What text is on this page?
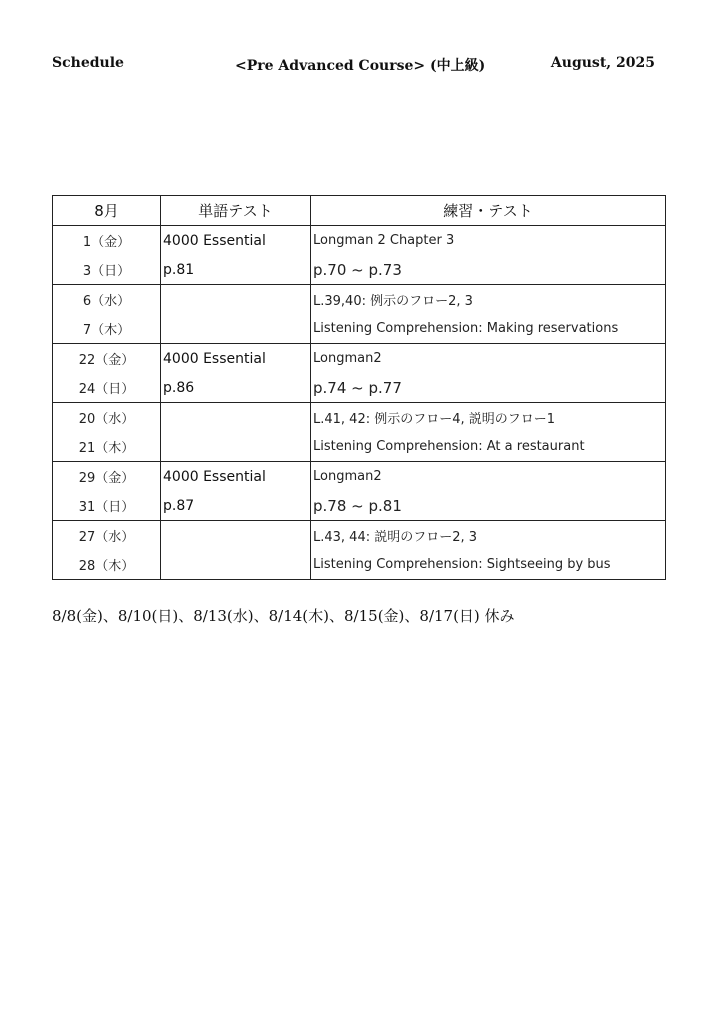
Schedule	<Pre Advanced Course> (中上級)	August, 2025
8月	単語テスト	練習・テスト
1（金）	4000 Essential	Longman 2 Chapter 3
3（日）	p.81	p.70 ~ p.73
6（水）		L.39,40: 例示のフロー2, 3
7（木）		Listening Comprehension: Making reservations
22（金）	4000 Essential	Longman2
24（日）	p.86	p.74 ~ p.77
20（水）		L.41, 42: 例示のフロー4, 説明のフロー1
21（木）		Listening Comprehension: At a restaurant
29（金）	4000 Essential	Longman2
31（日）	p.87	p.78 ~ p.81
27（水）		L.43, 44: 説明のフロー2, 3
28（木）		Listening Comprehension: Sightseeing by bus
8/8(金)、8/10(日)、8/13(水)、8/14(木)、8/15(金)、8/17(日) 休み
